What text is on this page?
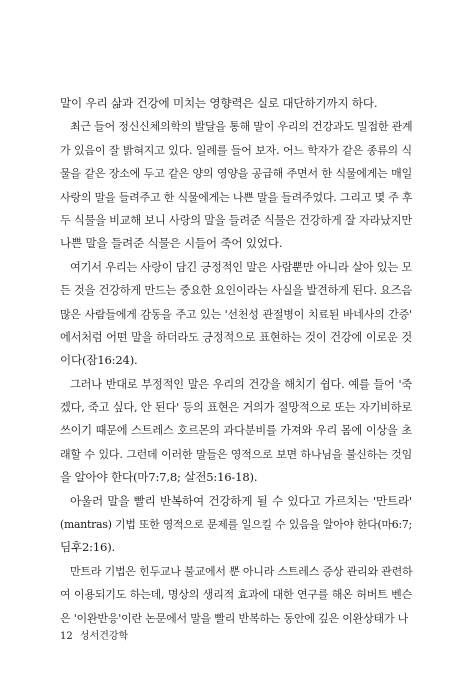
말이 우리 삶과 건강에 미치는 영향력은 실로 대단하기까지 하다.
최근 들어 정신신체의학의 발달을 통해 말이 우리의 건강과도 밀접한 관계
가 있음이 잘 밝혀지고 있다. 일례를 들어 보자. 어느 학자가 같은 종류의 식
물을 같은 장소에 두고 같은 양의 영양을 공급해 주면서 한 식물에게는 매일
사랑의 말을 들려주고 한 식물에게는 나쁜 말을 들려주었다. 그리고 몇 주 후
두 식물을 비교해 보니 사랑의 말을 들려준 식물은 건강하게 잘 자라났지만
나쁜 말을 들려준 식물은 시들어 죽어 있었다.
여기서 우리는 사랑이 담긴 긍정적인 말은 사람뿐만 아니라 살아 있는 모
든 것을 건강하게 만드는 중요한 요인이라는 사실을 발견하게 된다. 요즈음
많은 사람들에게 감동을 주고 있는 '선천성 관절병이 치료된 바네사의 간증'
에서처럼 어떤 말을 하더라도 긍정적으로 표현하는 것이 건강에 이로운 것
이다(잠16:24).
그러나 반대로 부정적인 말은 우리의 건강을 해치기 쉽다. 예를 들어 '죽
겠다, 죽고 싶다, 안 된다' 등의 표현은 거의가 절망적으로 또는 자기비하로
쓰이기 때문에 스트레스 호르몬의 과다분비를 가져와 우리 몸에 이상을 초
래할 수 있다. 그런데 이러한 말들은 영적으로 보면 하나님을 불신하는 것임
을 알아야 한다(마7:7,8; 살전5:16-18).
아울러 말을 빨리 반복하여 건강하게 될 수 있다고 가르치는 '만트라'
(mantras) 기법 또한 영적으로 문제를 일으킬 수 있음을 알아야 한다(마6:7;
딤후2:16).
만트라 기법은 힌두교나 불교에서 뿐 아니라 스트레스 증상 관리와 관련하
여 이용되기도 하는데, 명상의 생리적 효과에 대한 연구를 해온 허버트 벤슨
은 '이완반응'이란 논문에서 말을 빨리 반복하는 동안에 깊은 이완상태가 나
12 성서건강학
